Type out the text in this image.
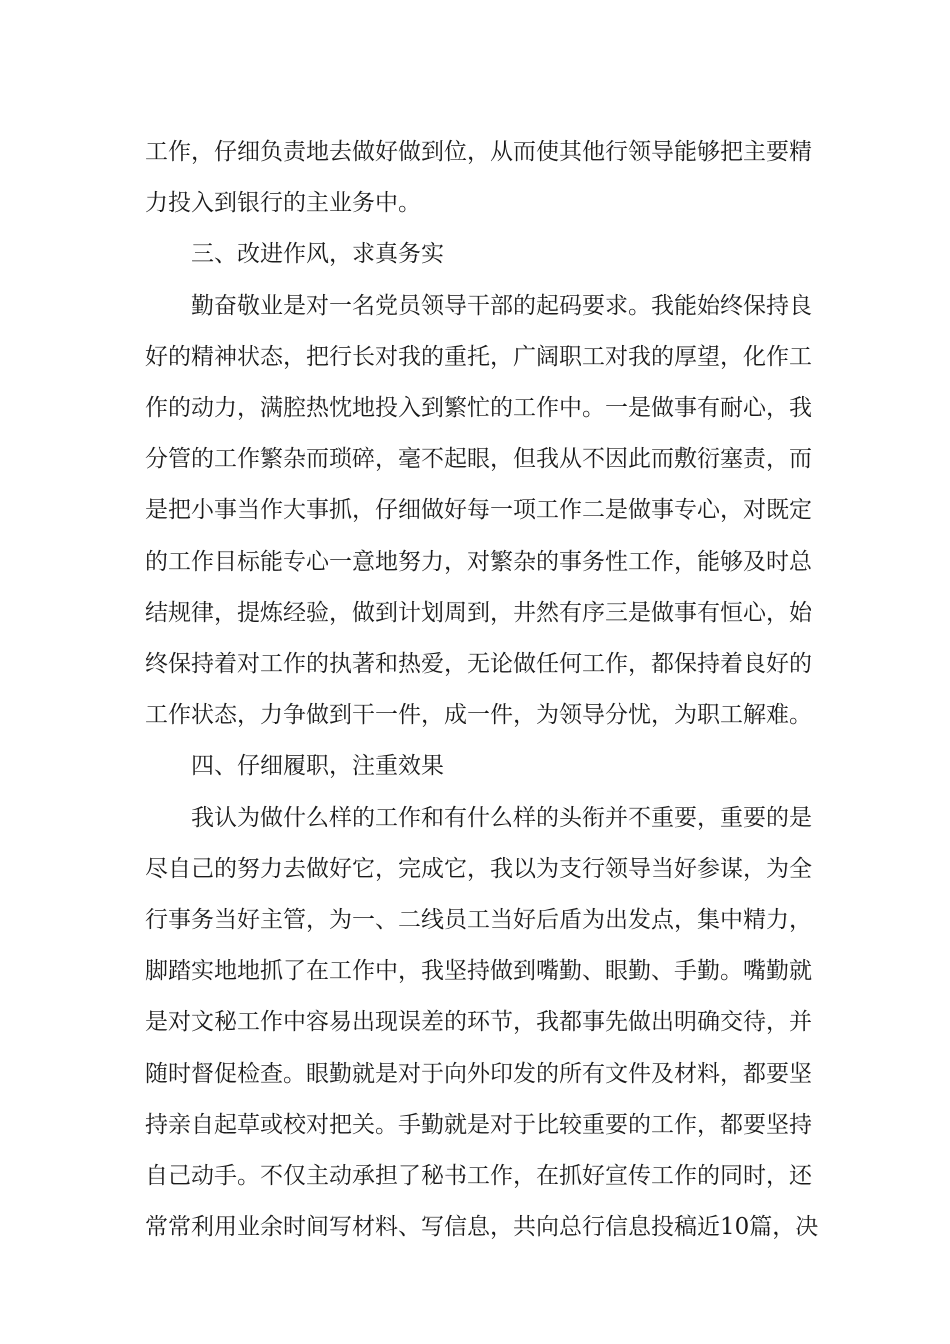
工作，仔细负责地去做好做到位，从而使其他行领导能够把主要精
力投入到银行的主业务中。
三、改进作风，求真务实
勤奋敬业是对一名党员领导干部的起码要求。我能始终保持良
好的精神状态，把行长对我的重托，广阔职工对我的厚望，化作工
作的动力，满腔热忱地投入到繁忙的工作中。一是做事有耐心，我
分管的工作繁杂而琐碎，毫不起眼，但我从不因此而敷衍塞责，而
是把小事当作大事抓，仔细做好每一项工作二是做事专心，对既定
的工作目标能专心一意地努力，对繁杂的事务性工作，能够及时总
结规律，提炼经验，做到计划周到，井然有序三是做事有恒心，始
终保持着对工作的执著和热爱，无论做任何工作，都保持着良好的
工作状态，力争做到干一件，成一件，为领导分忧，为职工解难。
四、仔细履职，注重效果
我认为做什么样的工作和有什么样的头衔并不重要，重要的是
尽自己的努力去做好它，完成它，我以为支行领导当好参谋，为全
行事务当好主管，为一、二线员工当好后盾为出发点，集中精力，
脚踏实地地抓了在工作中，我坚持做到嘴勤、眼勤、手勤。嘴勤就
是对文秘工作中容易出现误差的环节，我都事先做出明确交待，并
随时督促检查。眼勤就是对于向外印发的所有文件及材料，都要坚
持亲自起草或校对把关。手勤就是对于比较重要的工作，都要坚持
自己动手。不仅主动承担了秘书工作，在抓好宣传工作的同时，还
常常利用业余时间写材料、写信息，共向总行信息投稿近10篇，决
